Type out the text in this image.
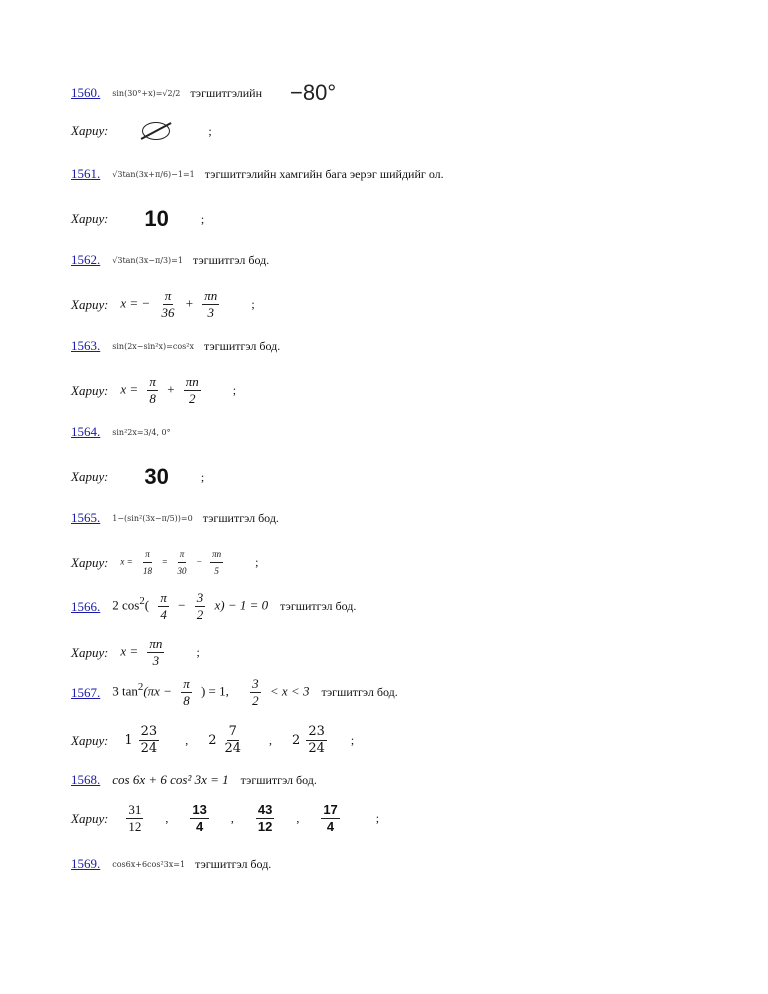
1560. sin(30°+x)=√2/2 тэгшитгэлийн −80°
Хариу:	;
1561. √3tan(3x+π/6)−1=1 тэгшитгэлийн хамгийн бага эерэг шийдийг ол.
Хариу: 10	;
1562. √3tan(3x−π/3)=1 тэгшитгэл бод.
Хариу: x = − $\frac{\pi}{36} + \frac{\pi n}{3}$	;
1563. sin(2x−sin²x)=cos²x тэгшитгэл бод.
Хариу: $x = \frac{\pi}{8} + \frac{\pi n}{2}$	;
1564. sin²2x=3/4, 0°
Хариу: 30	;
1565. 1−(sin²(3x−π/5))=0 тэгшитгэл бод.
Хариу: $x = \frac{\pi}{18} = \frac{\pi}{30} - \frac{\pi n}{5}$	;
1566. 2 $\cos^2( \frac{\pi}{4} - \frac{3}{2} x) - 1 = 0$ тэгшитгэл бод.
Хариу: $x = \frac{\pi n}{3}$	;
1567. 3 $\tan^2(\pi x - \frac{\pi}{8}$ ) = 1, $\frac{3}{2} < x < 3$ тэгшитгэл бод.
Хариу: $1 \frac{23}{24}$ , $2 \frac{7}{24}$ , $2 \frac{23}{24}$ ;
1568. cos 6x + 6 cos² 3x = 1 тэгшитгэл бод.
Хариу: $\frac{31}{12}$ , $\frac{13}{4}$ , $\frac{43}{12}$ , $\frac{17}{4}$	;
1569. cos6x+6cos²3x=1 тэгшитгэл бод.
